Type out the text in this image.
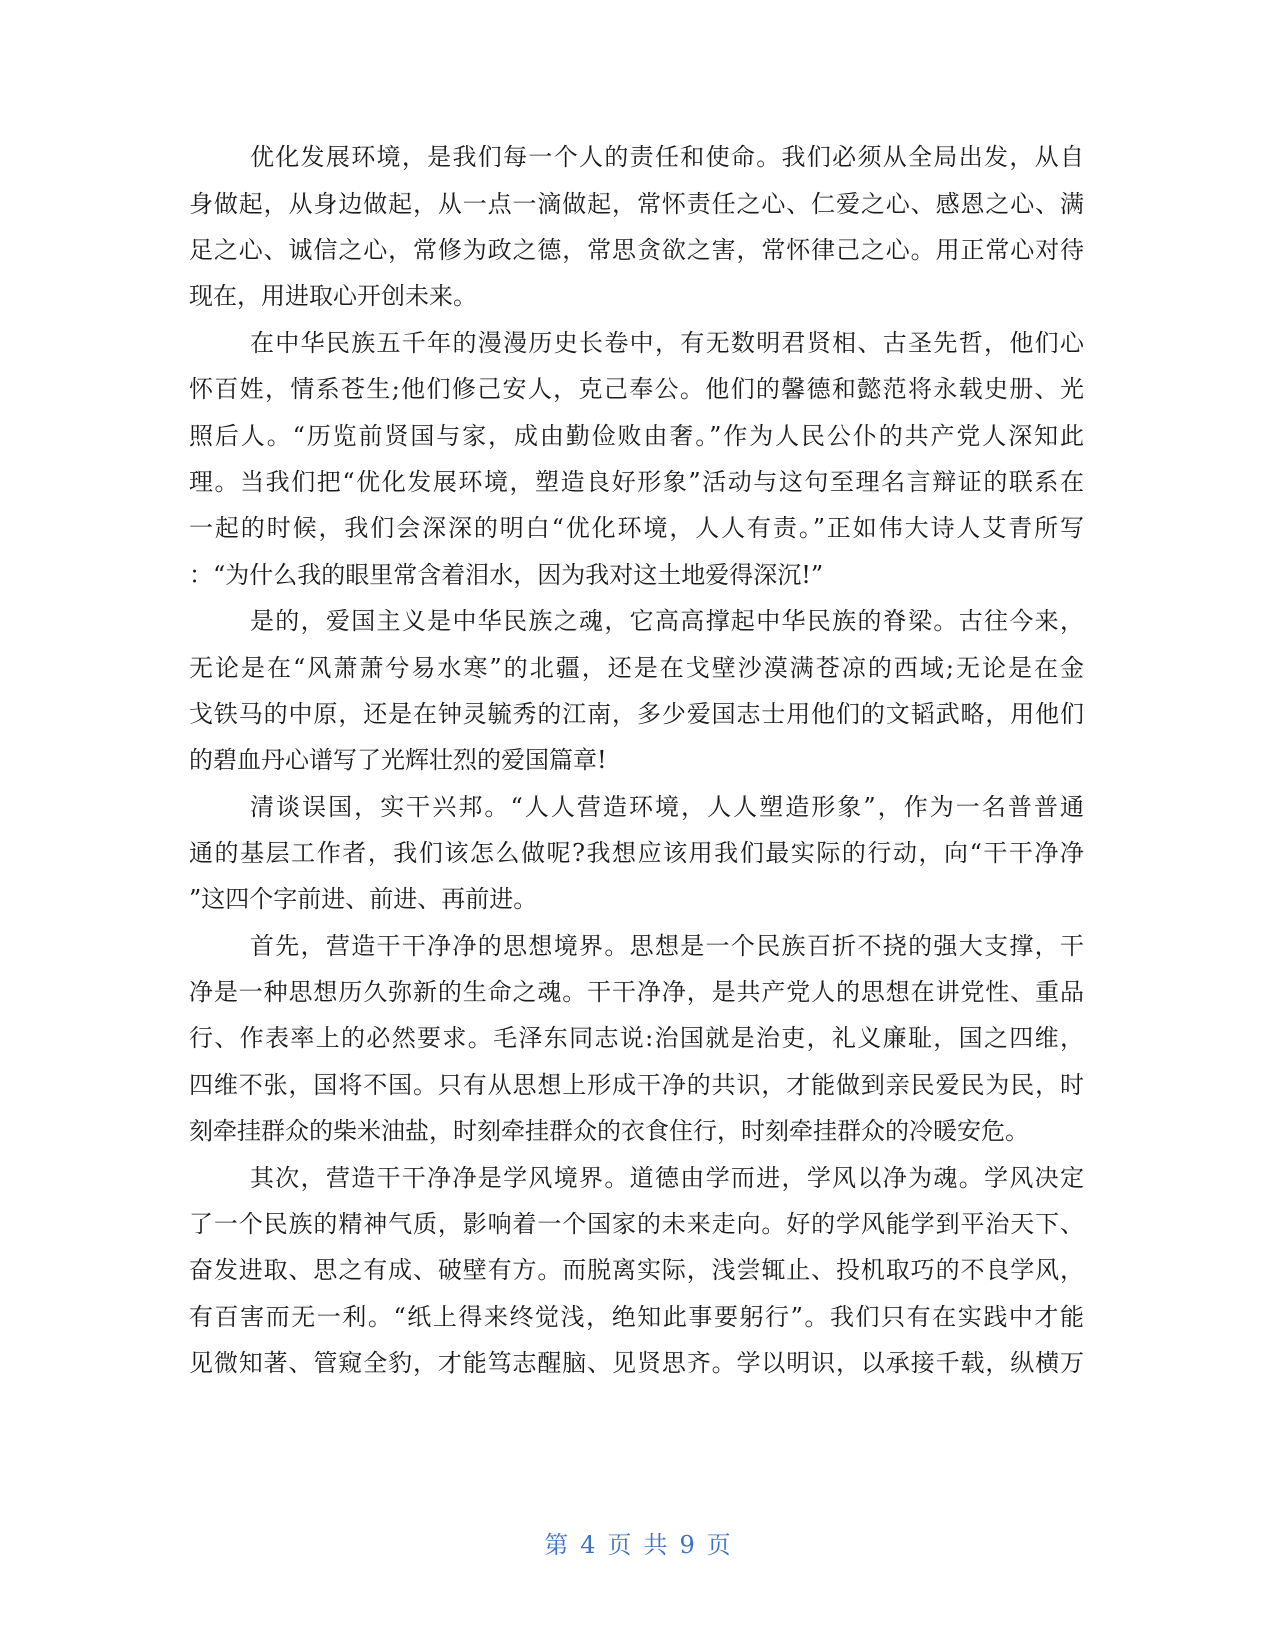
优化发展环境，是我们每一个人的责任和使命。我们必须从全局出发，从自
身做起，从身边做起，从一点一滴做起，常怀责任之心、仁爱之心、感恩之心、满
足之心、诚信之心，常修为政之德，常思贪欲之害，常怀律己之心。用正常心对待
现在，用进取心开创未来。
在中华民族五千年的漫漫历史长卷中，有无数明君贤相、古圣先哲，他们心
怀百姓，情系苍生;他们修己安人，克己奉公。他们的馨德和懿范将永载史册、光
照后人。“历览前贤国与家，成由勤俭败由奢。”作为人民公仆的共产党人深知此
理。当我们把“优化发展环境，塑造良好形象”活动与这句至理名言辩证的联系在
一起的时候，我们会深深的明白“优化环境，人人有责。”正如伟大诗人艾青所写
：“为什么我的眼里常含着泪水，因为我对这土地爱得深沉!”
是的，爱国主义是中华民族之魂，它高高撑起中华民族的脊梁。古往今来，
无论是在“风萧萧兮易水寒”的北疆，还是在戈壁沙漠满苍凉的西域;无论是在金
戈铁马的中原，还是在钟灵毓秀的江南，多少爱国志士用他们的文韬武略，用他们
的碧血丹心谱写了光辉壮烈的爱国篇章!
清谈误国，实干兴邦。“人人营造环境，人人塑造形象”，作为一名普普通
通的基层工作者，我们该怎么做呢?我想应该用我们最实际的行动，向“干干净净
”这四个字前进、前进、再前进。
首先，营造干干净净的思想境界。思想是一个民族百折不挠的强大支撑，干
净是一种思想历久弥新的生命之魂。干干净净，是共产党人的思想在讲党性、重品
行、作表率上的必然要求。毛泽东同志说:治国就是治吏，礼义廉耻，国之四维，
四维不张，国将不国。只有从思想上形成干净的共识，才能做到亲民爱民为民，时
刻牵挂群众的柴米油盐，时刻牵挂群众的衣食住行，时刻牵挂群众的冷暖安危。
其次，营造干干净净是学风境界。道德由学而进，学风以净为魂。学风决定
了一个民族的精神气质，影响着一个国家的未来走向。好的学风能学到平治天下、
奋发进取、思之有成、破壁有方。而脱离实际，浅尝辄止、投机取巧的不良学风，
有百害而无一利。“纸上得来终觉浅，绝知此事要躬行”。我们只有在实践中才能
见微知著、管窥全豹，才能笃志醒脑、见贤思齐。学以明识，以承接千载，纵横万
第 4 页 共 9 页
